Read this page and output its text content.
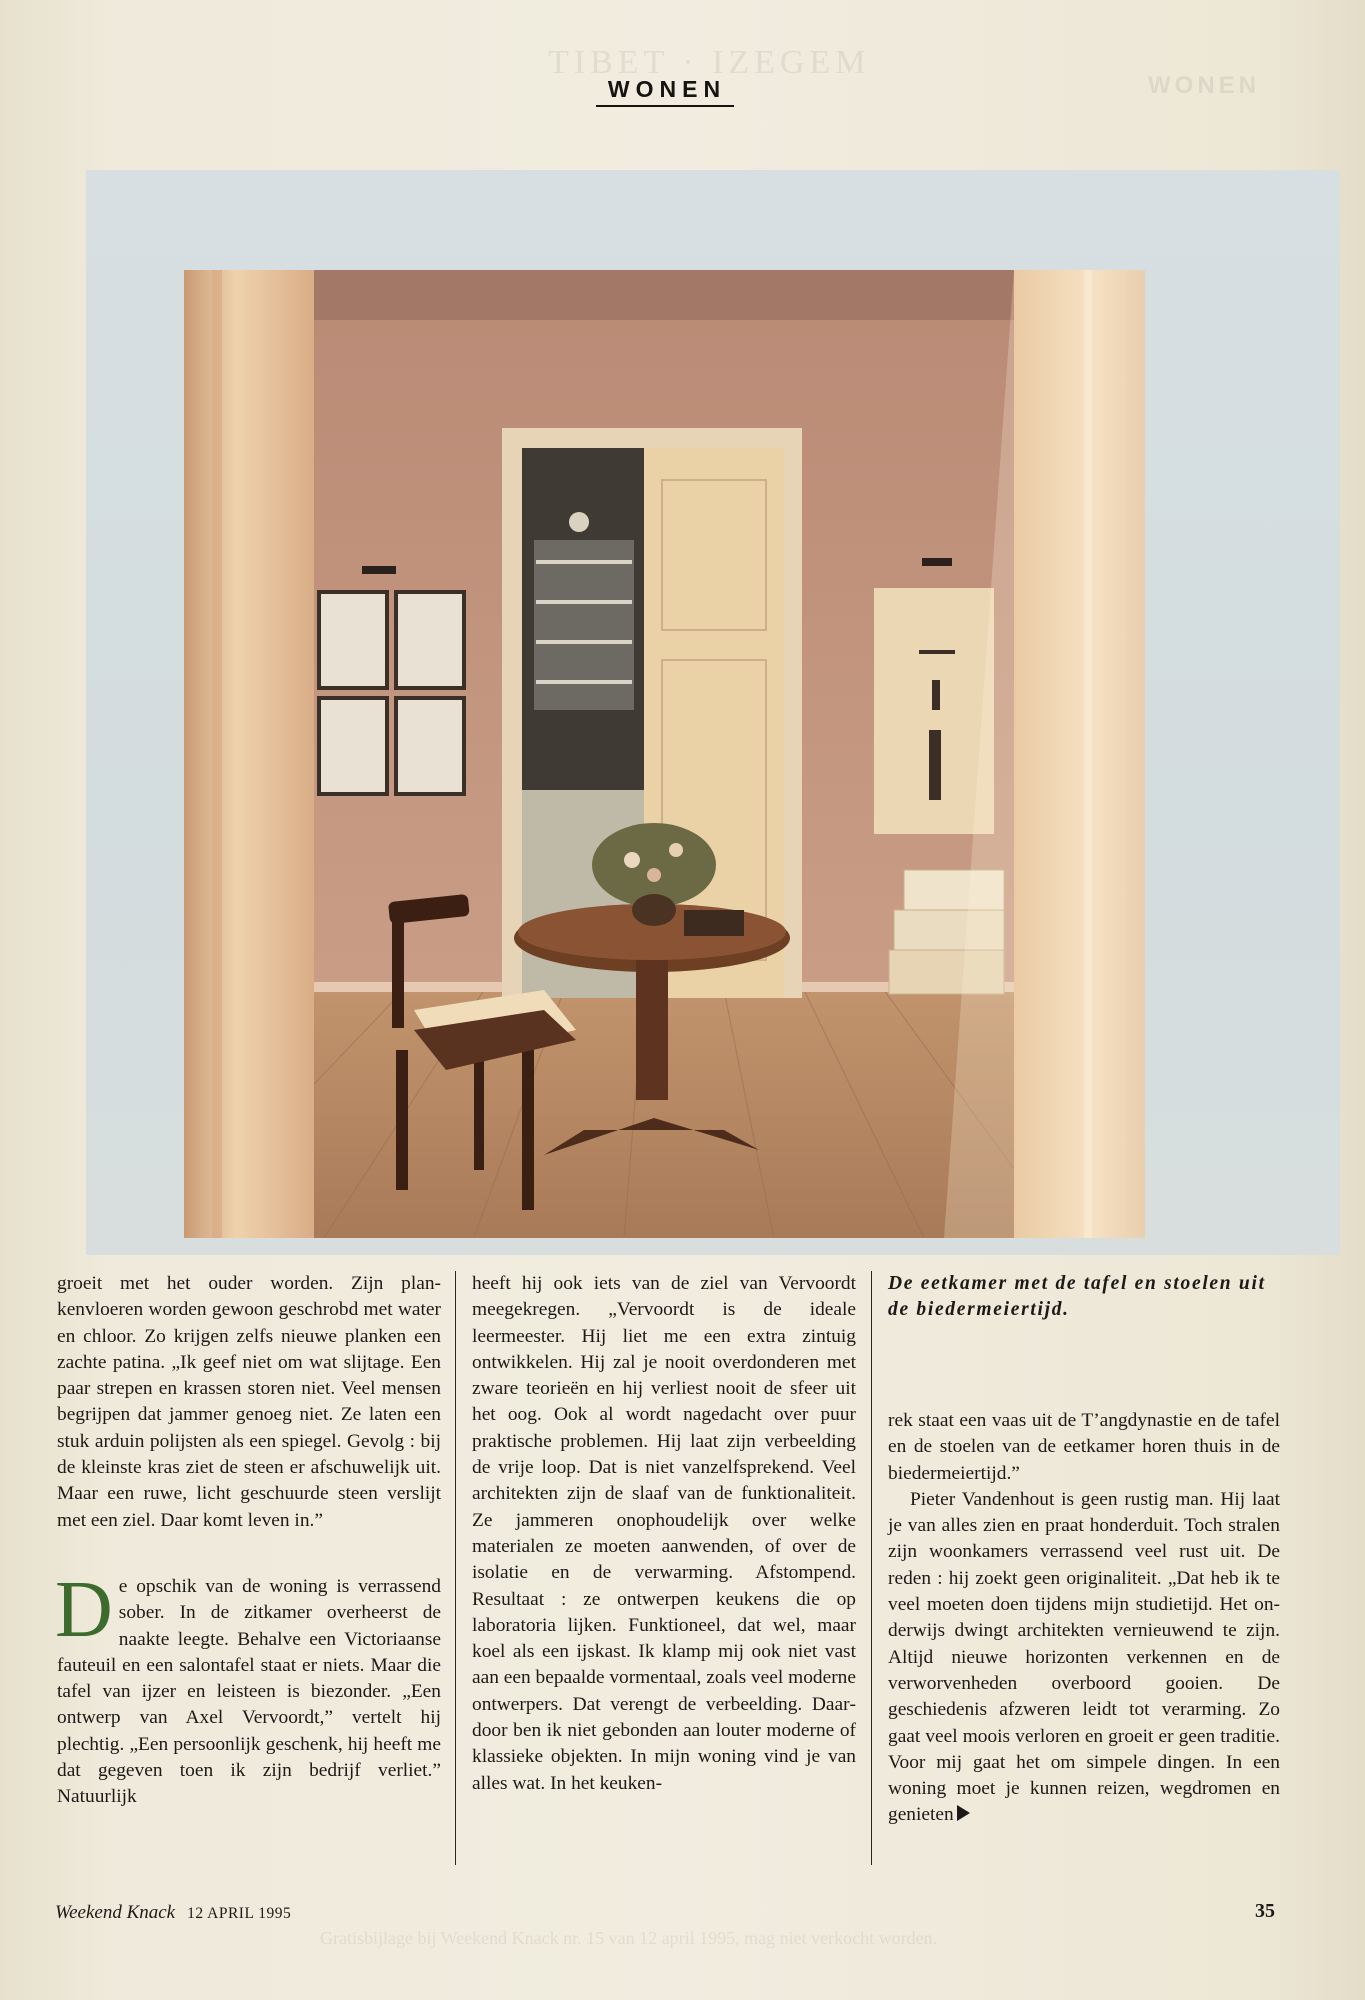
TIBET · IZEGEM
WONEN
WONEN
De eetkamer met de tafel en stoelen uit de biedermeiertijd.

groeit met het ouder worden. Zijn plankenvloeren worden gewoon geschrobd met water en chloor. Zo krijgen zelfs nieuwe planken een zachte patina. „Ik geef niet om wat slijtage. Een paar strepen en krassen storen niet. Veel mensen begrijpen dat jammer genoeg niet. Ze laten een stuk arduin polijsten als een spiegel. Gevolg : bij de kleinste kras ziet de steen er afschuwelijk uit. Maar een ruwe, licht geschuurde steen verslijt met een ziel. Daar komt leven in.”

De opschik van de woning is verrassend sober. In de zitkamer overheerst de naakte leegte. Behalve een Victoriaanse fauteuil en een salontafel staat er niets. Maar die tafel van ijzer en leisteen is biezonder. „Een ontwerp van Axel Vervoordt,” vertelt hij plechtig. „Een persoonlijk geschenk, hij heeft me dat gegeven toen ik zijn bedrijf verliet.” Natuurlijk

heeft hij ook iets van de ziel van Vervoordt meegekregen. „Vervoordt is de ideale leermeester. Hij liet me een extra zintuig ontwikkelen. Hij zal je nooit overdonderen met zware teorieën en hij verliest nooit de sfeer uit het oog. Ook al wordt nagedacht over puur praktische problemen. Hij laat zijn verbeelding de vrije loop. Dat is niet vanzelfsprekend. Veel architekten zijn de slaaf van de funktionaliteit. Ze jammeren onophoudelijk over welke materialen ze moeten aanwenden, of over de isolatie en de verwarming. Afstompend. Resultaat : ze ontwerpen keukens die op laboratoria lijken. Funktioneel, dat wel, maar koel als een ijskast. Ik klamp mij ook niet vast aan een bepaalde vormentaal, zoals veel moderne ontwerpers. Dat verengt de verbeelding. Daardoor ben ik niet gebonden aan louter moderne of klassieke objekten. In mijn woning vind je van alles wat. In het keuken-

rek staat een vaas uit de T’angdynastie en de tafel en de stoelen van de eetkamer horen thuis in de biedermeiertijd.”

Pieter Vandenhout is geen rustig man. Hij laat je van alles zien en praat honderduit. Toch stralen zijn woonkamers verrassend veel rust uit. De reden : hij zoekt geen originaliteit. „Dat heb ik te veel moeten doen tijdens mijn studietijd. Het onderwijs dwingt architekten vernieuwend te zijn. Altijd nieuwe horizonten verkennen en de verworvenheden overboord gooien. De geschiedenis afzweren leidt tot verarming. Zo gaat veel moois verloren en groeit er geen traditie. Voor mij gaat het om simpele dingen. In een woning moet je kunnen reizen, wegdromen en genieten

Weekend Knack 12 APRIL 1995	35
Gratisbijlage bij Weekend Knack nr. 15 van 12 april 1995, mag niet verkocht worden.
